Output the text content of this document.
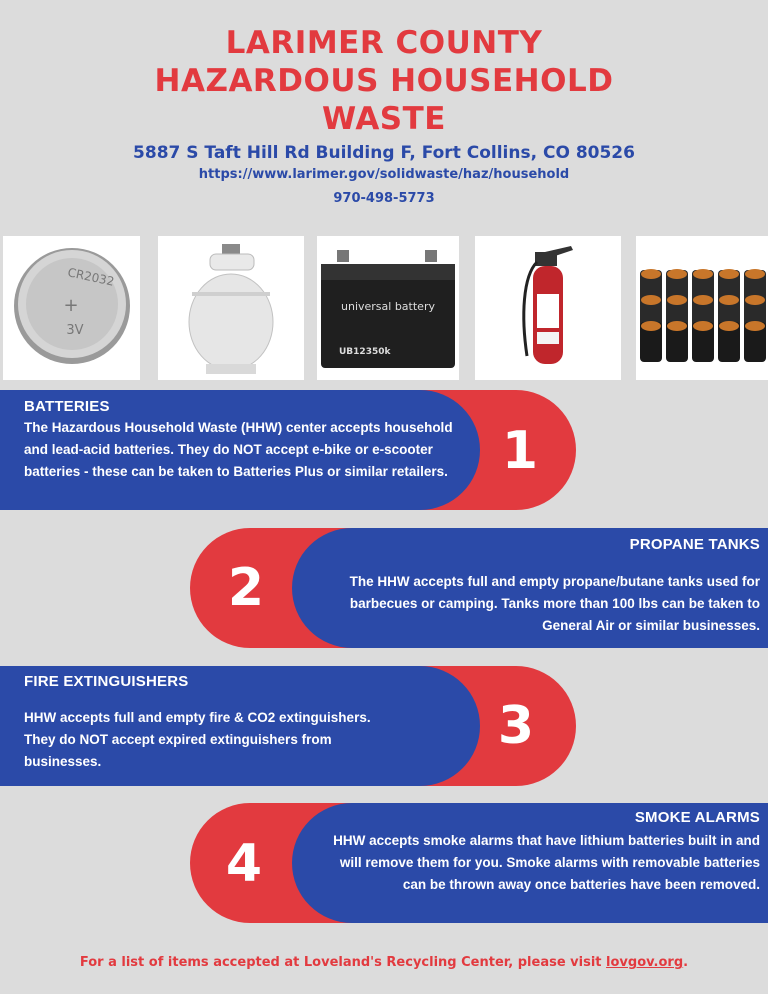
LARIMER COUNTY
HAZARDOUS HOUSEHOLD
WASTE
5887 S Taft Hill Rd Building F, Fort Collins, CO 80526
https://www.larimer.gov/solidwaste/haz/household
970-498-5773
CR2032
+
3V
universal battery
UB12350k
1
BATTERIES
The Hazardous Household Waste (HHW) center accepts household and lead-acid batteries. They do NOT accept e-bike or e-scooter batteries - these can be taken to Batteries Plus or similar retailers.
2
PROPANE TANKS
The HHW accepts full and empty propane/butane tanks used for barbecues or camping. Tanks more than 100 lbs can be taken to General Air or similar businesses.
3
FIRE EXTINGUISHERS
HHW accepts full and empty fire & CO2 extinguishers. They do NOT accept expired extinguishers from businesses.
4
SMOKE ALARMS
HHW accepts smoke alarms that have lithium batteries built in and will remove them for you. Smoke alarms with removable batteries can be thrown away once batteries have been removed.
For a list of items accepted at Loveland's Recycling Center, please visit lovgov.org.
